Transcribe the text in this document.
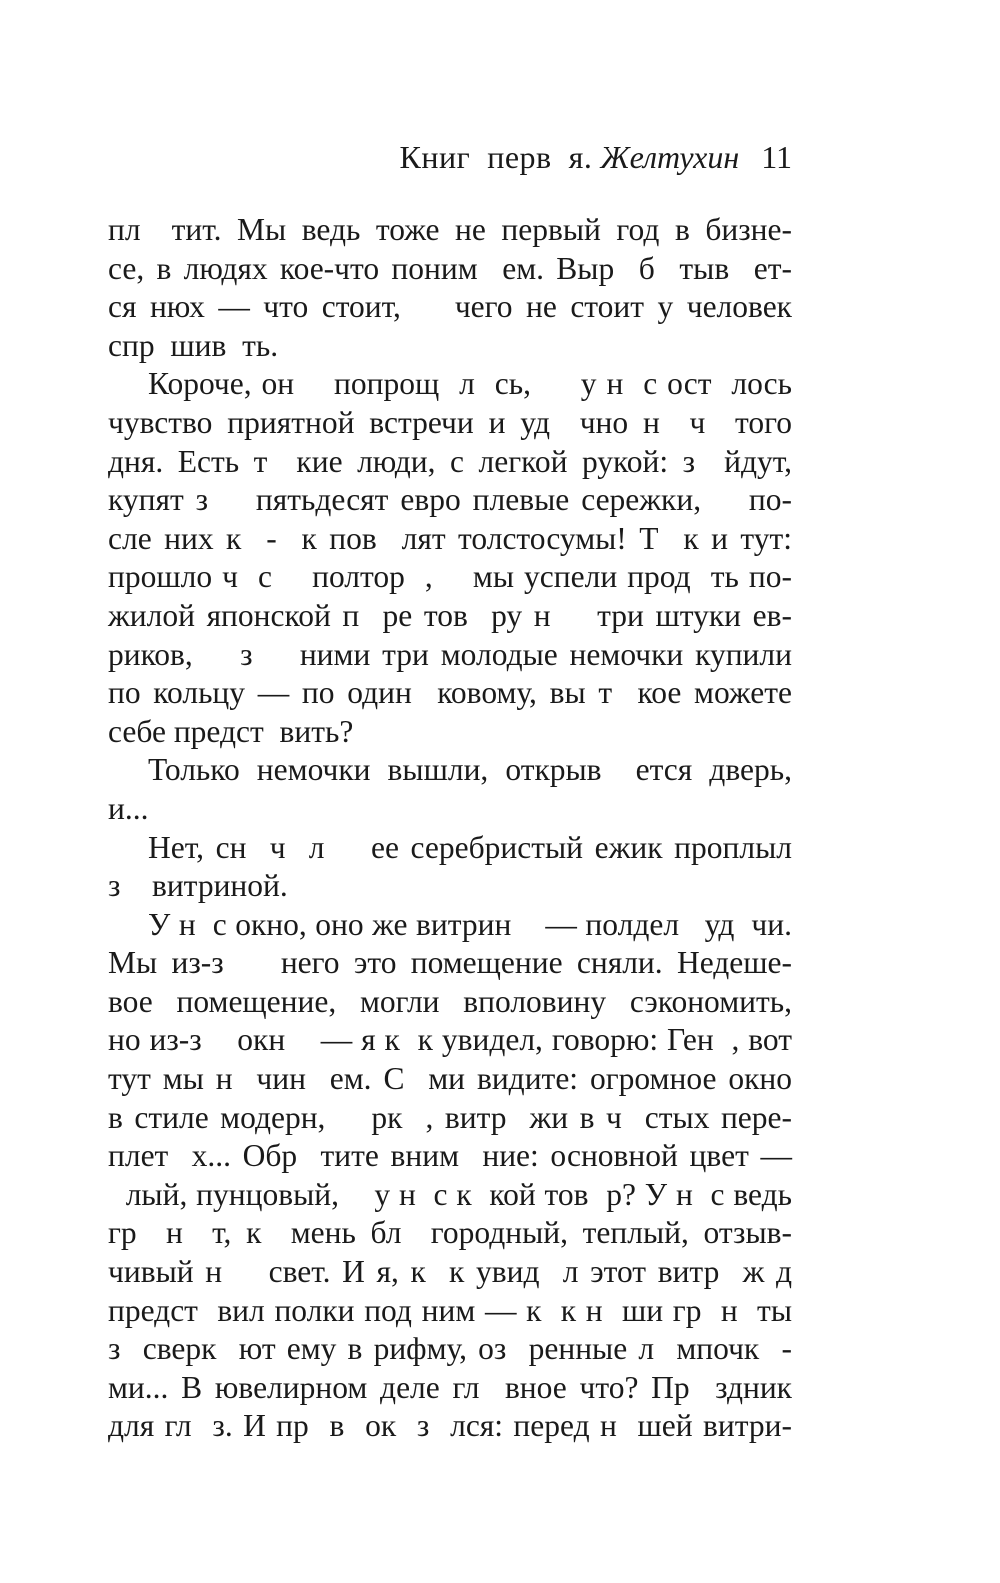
Книг  перв  я. Желтухин 11
пл  тит. Мы ведь тоже не первый год в бизне-
се, в людях кое-что поним  ем. Выр  б  тыв  ет-
ся нюх — что стоит,    чего не стоит у человек
спр  шив  ть.
Короче, он    попрощ  л  сь,     у н  с ост  лось
чувство приятной встречи и уд  чно н  ч  того
дня. Есть т  кие люди, с легкой рукой: з  йдут,
купят з    пятьдесят евро плевые сережки,    по-
сле них к  -  к пов  лят толстосумы! Т  к и тут:
прошло ч  с    полтор  ,    мы успели прод  ть по-
жилой японской п  ре тов  ру н    три штуки ев-
риков,    з    ними три молодые немочки купили
по кольцу — по один  ковому, вы т  кое можете
себе предст  вить?
Только немочки вышли, открыв  ется дверь,
и...
Нет, сн  ч  л    ее серебристый ежик проплыл
з    витриной.
У н  с окно, оно же витрин    — полдел   уд  чи.
Мы из-з    него это помещение сняли. Недеше-
вое помещение, могли вполовину сэкономить,
но из-з    окн    — я к  к увидел, говорю: Ген  , вот
тут мы н  чин  ем. С  ми видите: огромное окно
в стиле модерн,    рк  , витр  жи в ч  стых пере-
плет  х... Обр  тите вним  ние: основной цвет —
лый, пунцовый,    у н  с к  кой тов  р? У н  с ведь
гр  н  т, к  мень бл  городный, теплый, отзыв-
чивый н    свет. И я, к  к увид  л этот витр  ж д
предст  вил полки под ним — к  к н  ши гр  н  ты
з  сверк  ют ему в рифму, оз  ренные л  мпочк  -
ми... В ювелирном деле гл  вное что? Пр  здник
для гл  з. И пр  в  ок  з  лся: перед н  шей витри-
